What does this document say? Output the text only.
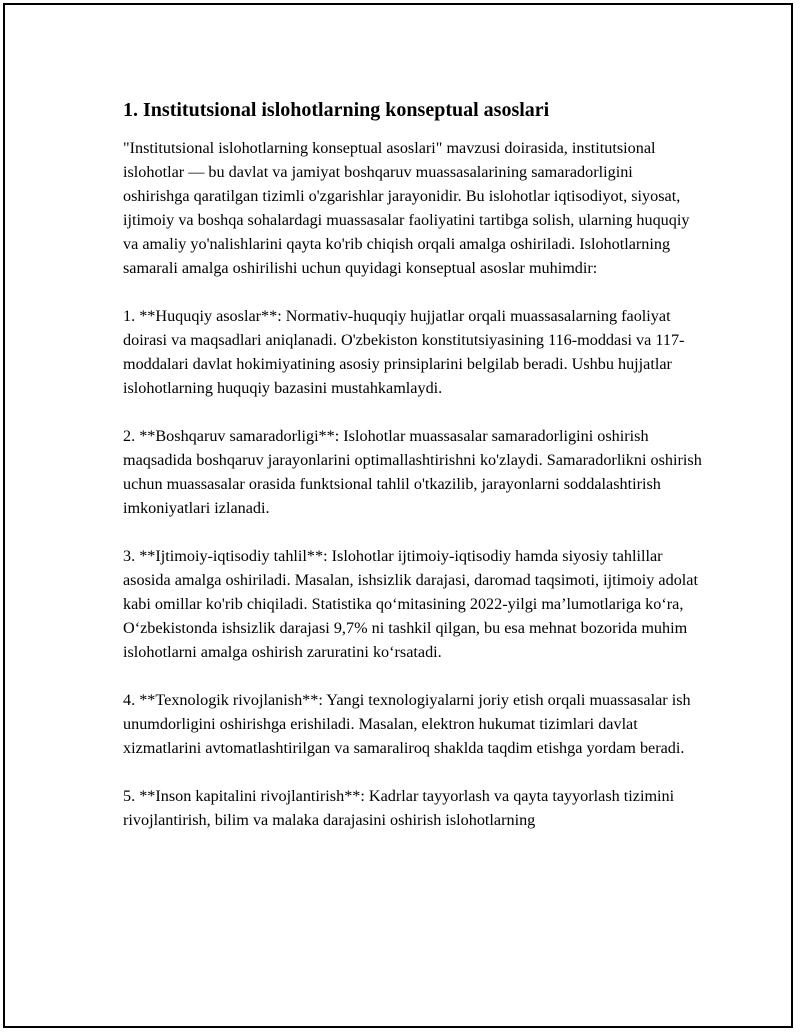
1. Institutsional islohotlarning konseptual asoslari

"Institutsional islohotlarning konseptual asoslari" mavzusi doirasida, institutsional islohotlar — bu davlat va jamiyat boshqaruv muassasalarining samaradorligini oshirishga qaratilgan tizimli o'zgarishlar jarayonidir. Bu islohotlar iqtisodiyot, siyosat, ijtimoiy va boshqa sohalardagi muassasalar faoliyatini tartibga solish, ularning huquqiy va amaliy yo'nalishlarini qayta ko'rib chiqish orqali amalga oshiriladi. Islohotlarning samarali amalga oshirilishi uchun quyidagi konseptual asoslar muhimdir:

1. **Huquqiy asoslar**: Normativ-huquqiy hujjatlar orqali muassasalarning faoliyat doirasi va maqsadlari aniqlanadi. O'zbekiston konstitutsiyasining 116-moddasi va 117-moddalari davlat hokimiyatining asosiy prinsiplarini belgilab beradi. Ushbu hujjatlar islohotlarning huquqiy bazasini mustahkamlaydi.

2. **Boshqaruv samaradorligi**: Islohotlar muassasalar samaradorligini oshirish maqsadida boshqaruv jarayonlarini optimallashtirishni ko'zlaydi. Samaradorlikni oshirish uchun muassasalar orasida funktsional tahlil o'tkazilib, jarayonlarni soddalashtirish imkoniyatlari izlanadi.

3. **Ijtimoiy-iqtisodiy tahlil**: Islohotlar ijtimoiy-iqtisodiy hamda siyosiy tahlillar asosida amalga oshiriladi. Masalan, ishsizlik darajasi, daromad taqsimoti, ijtimoiy adolat kabi omillar ko'rib chiqiladi. Statistika qo‘mitasining 2022-yilgi ma’lumotlariga ko‘ra, O‘zbekistonda ishsizlik darajasi 9,7% ni tashkil qilgan, bu esa mehnat bozorida muhim islohotlarni amalga oshirish zaruratini ko‘rsatadi.

4. **Texnologik rivojlanish**: Yangi texnologiyalarni joriy etish orqali muassasalar ish unumdorligini oshirishga erishiladi. Masalan, elektron hukumat tizimlari davlat xizmatlarini avtomatlashtirilgan va samaraliroq shaklda taqdim etishga yordam beradi.

5. **Inson kapitalini rivojlantirish**: Kadrlar tayyorlash va qayta tayyorlash tizimini rivojlantirish, bilim va malaka darajasini oshirish islohotlarning
